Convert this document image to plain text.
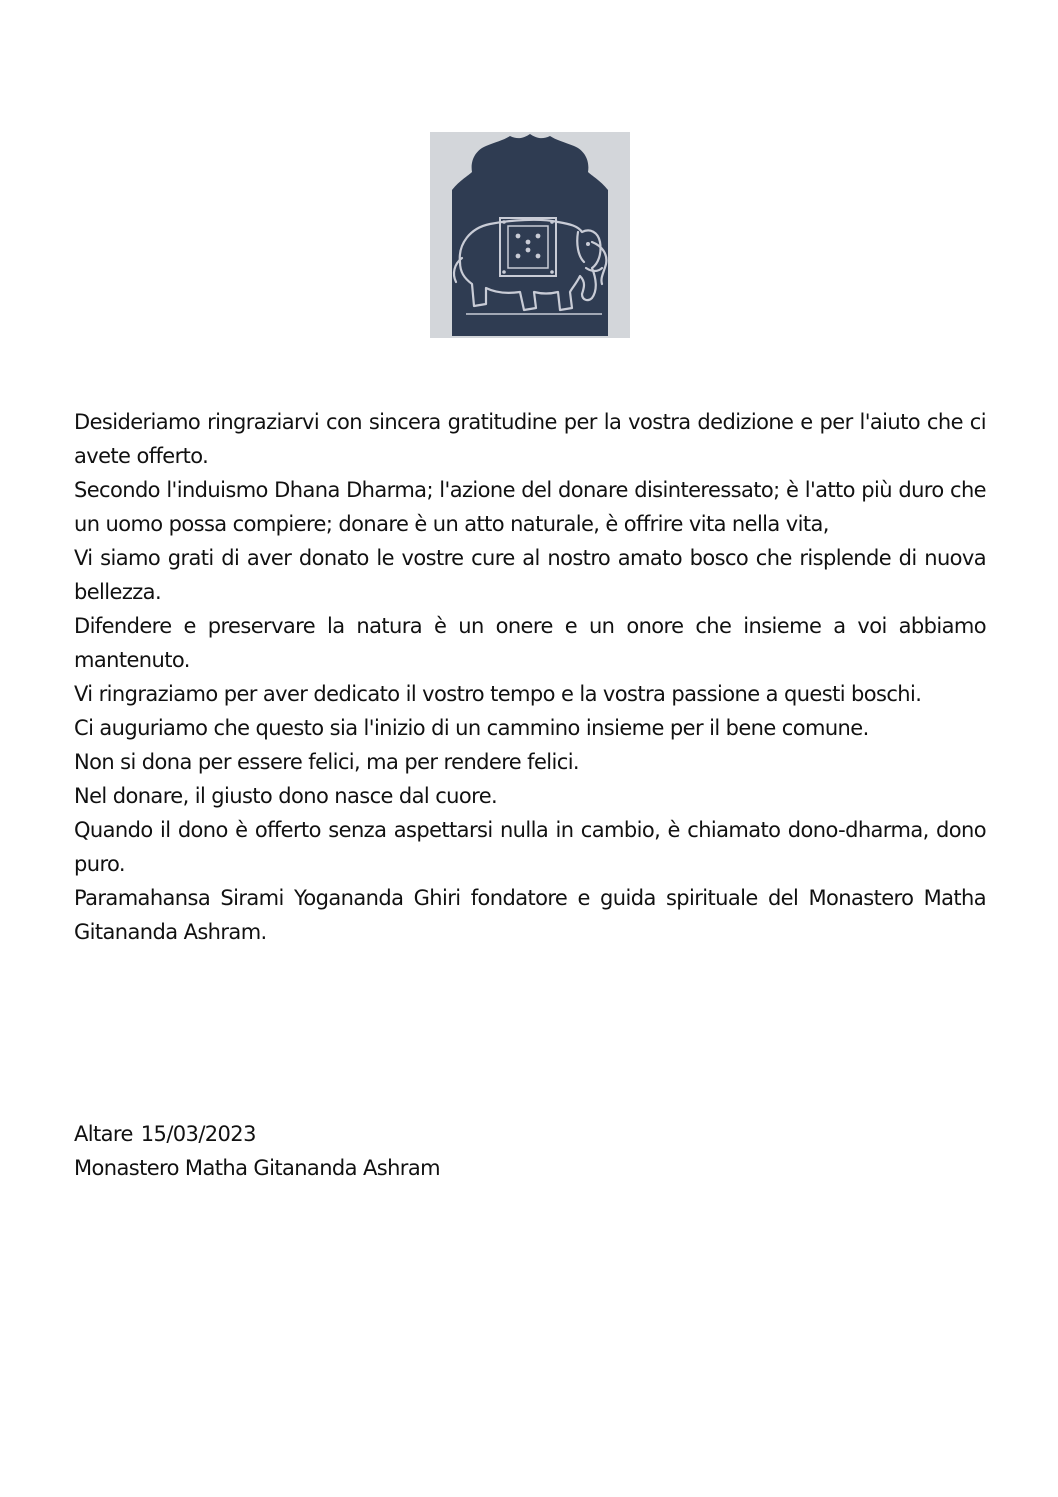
Desideriamo ringraziarvi con sincera gratitudine per la vostra dedizione e per l'aiuto che ci avete offerto.

Secondo l'induismo Dhana Dharma; l'azione del donare disinteressato; è l'atto più duro che un uomo possa compiere; donare è un atto naturale, è offrire vita nella vita,

Vi siamo grati di aver donato le vostre cure al nostro amato bosco che risplende di nuova bellezza.

Difendere e preservare la natura è un onere e un onore che insieme a voi abbiamo mantenuto.

Vi ringraziamo per aver dedicato il vostro tempo e la vostra passione a questi boschi.

Ci auguriamo che questo sia l'inizio di un cammino insieme per il bene comune.

Non si dona per essere felici, ma per rendere felici.

Nel donare, il giusto dono nasce dal cuore.

Quando il dono è offerto senza aspettarsi nulla in cambio, è chiamato dono-dharma, dono puro.

Paramahansa Sirami Yogananda Ghiri fondatore e guida spirituale del Monastero Matha Gitananda Ashram.

Altare 15/03/2023
Monastero Matha Gitananda Ashram
